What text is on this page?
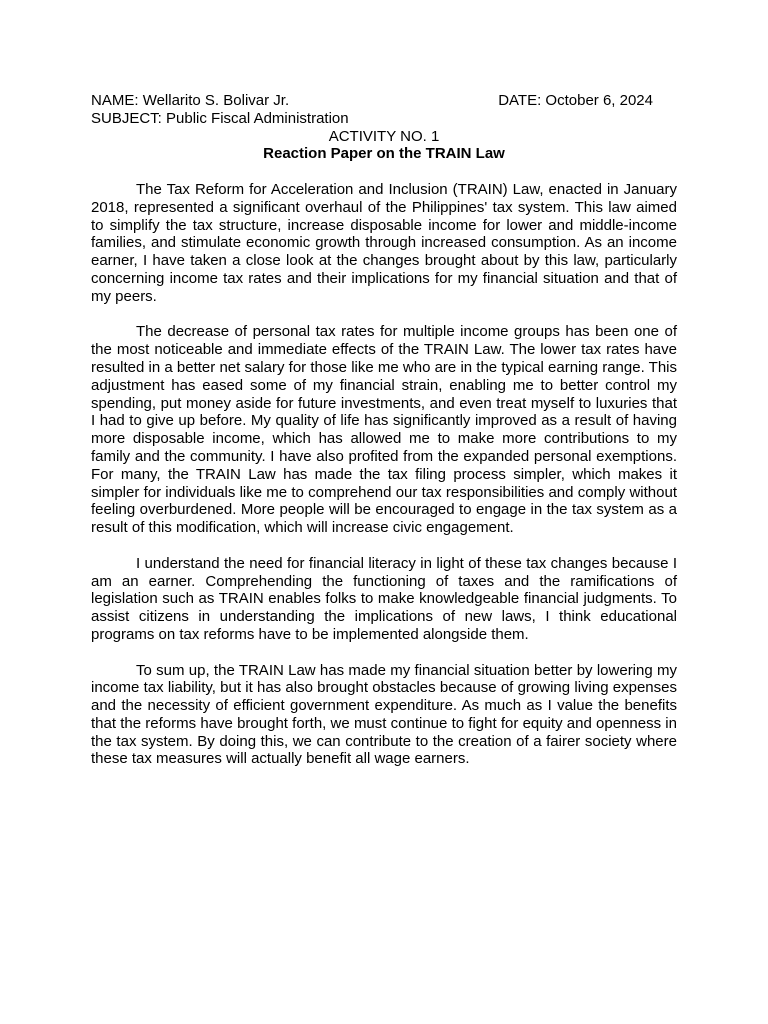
NAME: Wellarito S. Bolivar Jr.	DATE: October 6, 2024
SUBJECT: Public Fiscal Administration
ACTIVITY NO. 1
Reaction Paper on the TRAIN Law

The Tax Reform for Acceleration and Inclusion (TRAIN) Law, enacted in January 2018, represented a significant overhaul of the Philippines' tax system. This law aimed to simplify the tax structure, increase disposable income for lower and middle-income families, and stimulate economic growth through increased consumption. As an income earner, I have taken a close look at the changes brought about by this law, particularly concerning income tax rates and their implications for my financial situation and that of my peers.

The decrease of personal tax rates for multiple income groups has been one of the most noticeable and immediate effects of the TRAIN Law. The lower tax rates have resulted in a better net salary for those like me who are in the typical earning range. This adjustment has eased some of my financial strain, enabling me to better control my spending, put money aside for future investments, and even treat myself to luxuries that I had to give up before. My quality of life has significantly improved as a result of having more disposable income, which has allowed me to make more contributions to my family and the community. I have also profited from the expanded personal exemptions. For many, the TRAIN Law has made the tax filing process simpler, which makes it simpler for individuals like me to comprehend our tax responsibilities and comply without feeling overburdened. More people will be encouraged to engage in the tax system as a result of this modification, which will increase civic engagement.

I understand the need for financial literacy in light of these tax changes because I am an earner. Comprehending the functioning of taxes and the ramifications of legislation such as TRAIN enables folks to make knowledgeable financial judgments. To assist citizens in understanding the implications of new laws, I think educational programs on tax reforms have to be implemented alongside them.

To sum up, the TRAIN Law has made my financial situation better by lowering my income tax liability, but it has also brought obstacles because of growing living expenses and the necessity of efficient government expenditure. As much as I value the benefits that the reforms have brought forth, we must continue to fight for equity and openness in the tax system. By doing this, we can contribute to the creation of a fairer society where these tax measures will actually benefit all wage earners.
